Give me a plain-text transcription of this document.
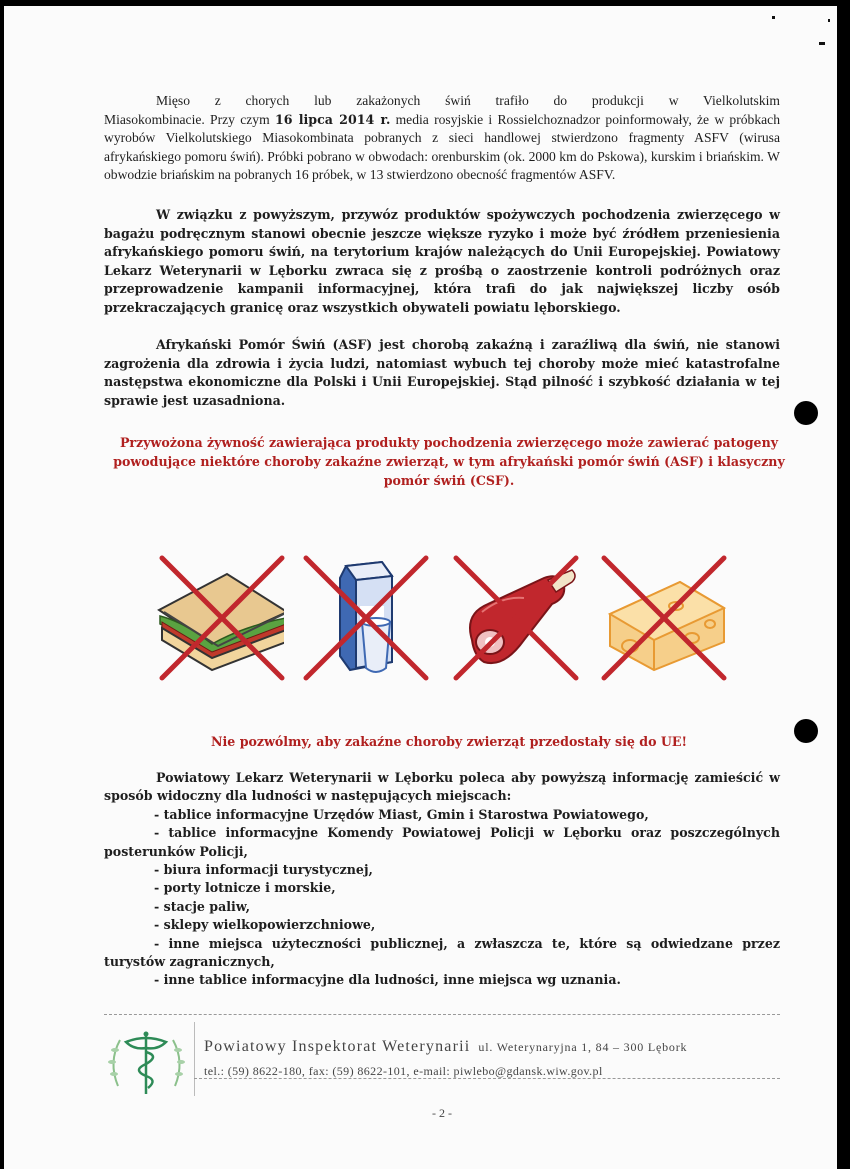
Mięso z chorych lub zakażonych świń trafiło do produkcji w Vielkolutskim

Miasokombinacie. Przy czym 16 lipca 2014 r. media rosyjskie i Rossielchoznadzor poinformowały, że w próbkach wyrobów Vielkolutskiego Miasokombinata pobranych z sieci handlowej stwierdzono fragmenty ASFV (wirusa afrykańskiego pomoru świń). Próbki pobrano w obwodach: orenburskim (ok. 2000 km do Pskowa), kurskim i briańskim. W obwodzie briańskim na pobranych 16 próbek, w 13 stwierdzono obecność fragmentów ASFV.

W związku z powyższym, przywóz produktów spożywczych pochodzenia zwierzęcego w bagażu podręcznym stanowi obecnie jeszcze większe ryzyko i może być źródłem przeniesienia afrykańskiego pomoru świń, na terytorium krajów należących do Unii Europejskiej. Powiatowy Lekarz Weterynarii w Lęborku zwraca się z prośbą o zaostrzenie kontroli podróżnych oraz przeprowadzenie kampanii informacyjnej, która trafi do jak największej liczby osób przekraczających granicę oraz wszystkich obywateli powiatu lęborskiego.

Afrykański Pomór Świń (ASF) jest chorobą zakaźną i zaraźliwą dla świń, nie stanowi zagrożenia dla zdrowia i życia ludzi, natomiast wybuch tej choroby może mieć katastrofalne następstwa ekonomiczne dla Polski i Unii Europejskiej. Stąd pilność i szybkość działania w tej sprawie jest uzasadniona.

Przywożona żywność zawierająca produkty pochodzenia zwierzęcego może zawierać patogeny
powodujące niektóre choroby zakaźne zwierząt, w tym afrykański pomór świń (ASF) i klasyczny
pomór świń (CSF).
Nie pozwólmy, aby zakaźne choroby zwierząt przedostały się do UE!

Powiatowy Lekarz Weterynarii w Lęborku poleca aby powyższą informację zamieścić w sposób widoczny dla ludności w następujących miejscach:

- tablice informacyjne Urzędów Miast, Gmin i Starostwa Powiatowego,

- tablice informacyjne Komendy Powiatowej Policji w Lęborku oraz poszczególnych posterunków Policji,

- biura informacji turystycznej,

- porty lotnicze i morskie,

- stacje paliw,

- sklepy wielkopowierzchniowe,

- inne miejsca użyteczności publicznej, a zwłaszcza te, które są odwiedzane przez turystów zagranicznych,

- inne tablice informacyjne dla ludności, inne miejsca wg uznania.

Powiatowy Inspektorat Weterynarii ul. Weterynaryjna 1, 84 – 300 Lębork
tel.: (59) 8622-180, fax: (59) 8622-101, e-mail: piwlebo@gdansk.wiw.gov.pl
- 2 -
